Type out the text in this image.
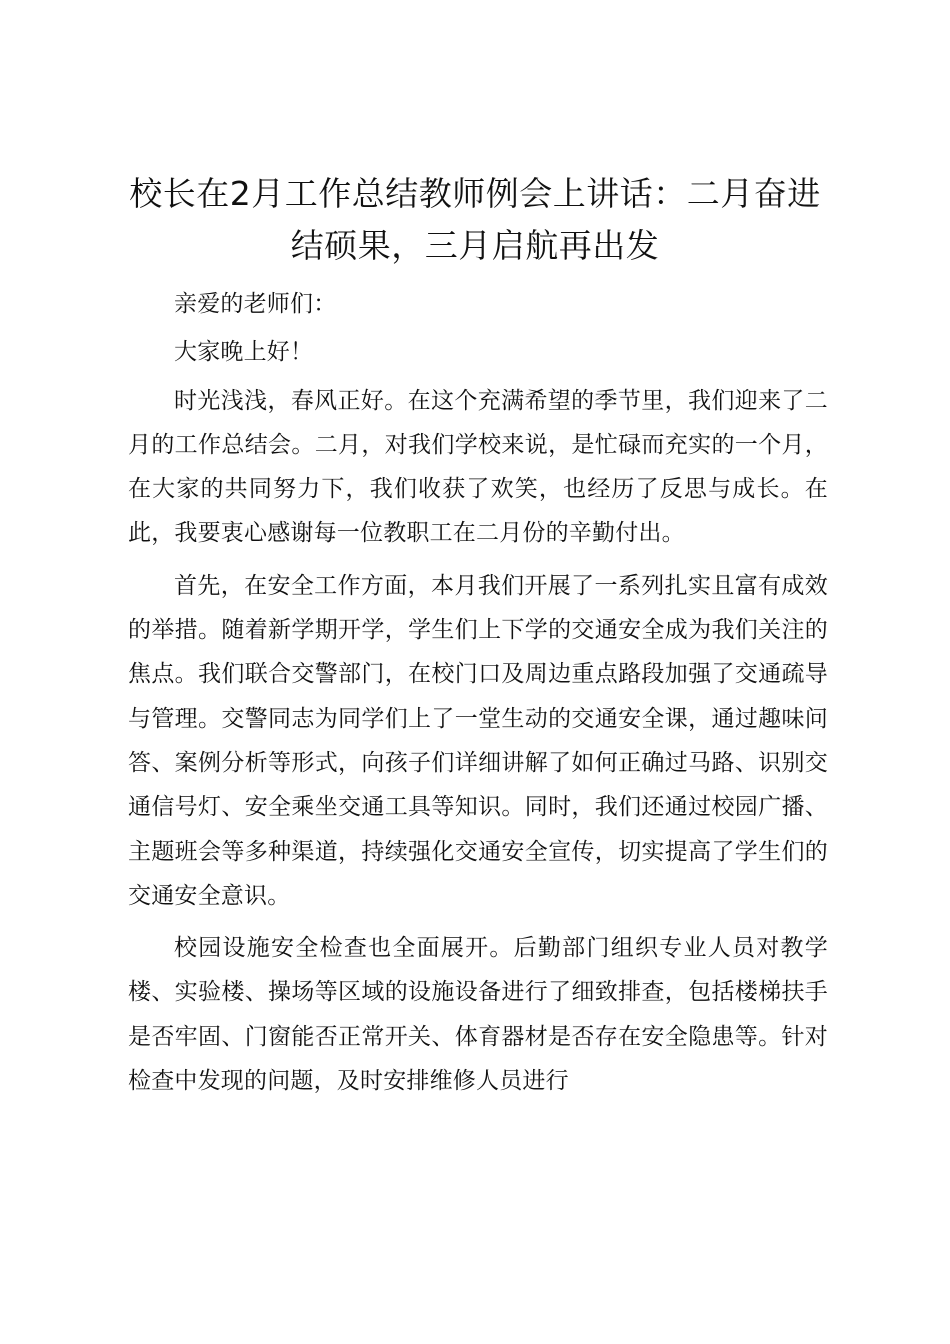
校长在2月工作总结教师例会上讲话：二月奋进结硕果，三月启航再出发

亲爱的老师们：

大家晚上好！

时光浅浅，春风正好。在这个充满希望的季节里，我们迎来了二月的工作总结会。二月，对我们学校来说，是忙碌而充实的一个月，在大家的共同努力下，我们收获了欢笑，也经历了反思与成长。在此，我要衷心感谢每一位教职工在二月份的辛勤付出。

首先，在安全工作方面，本月我们开展了一系列扎实且富有成效的举措。随着新学期开学，学生们上下学的交通安全成为我们关注的焦点。我们联合交警部门，在校门口及周边重点路段加强了交通疏导与管理。交警同志为同学们上了一堂生动的交通安全课，通过趣味问答、案例分析等形式，向孩子们详细讲解了如何正确过马路、识别交通信号灯、安全乘坐交通工具等知识。同时，我们还通过校园广播、主题班会等多种渠道，持续强化交通安全宣传，切实提高了学生们的交通安全意识。

校园设施安全检查也全面展开。后勤部门组织专业人员对教学楼、实验楼、操场等区域的设施设备进行了细致排查，包括楼梯扶手是否牢固、门窗能否正常开关、体育器材是否存在安全隐患等。针对检查中发现的问题，及时安排维修人员进行
